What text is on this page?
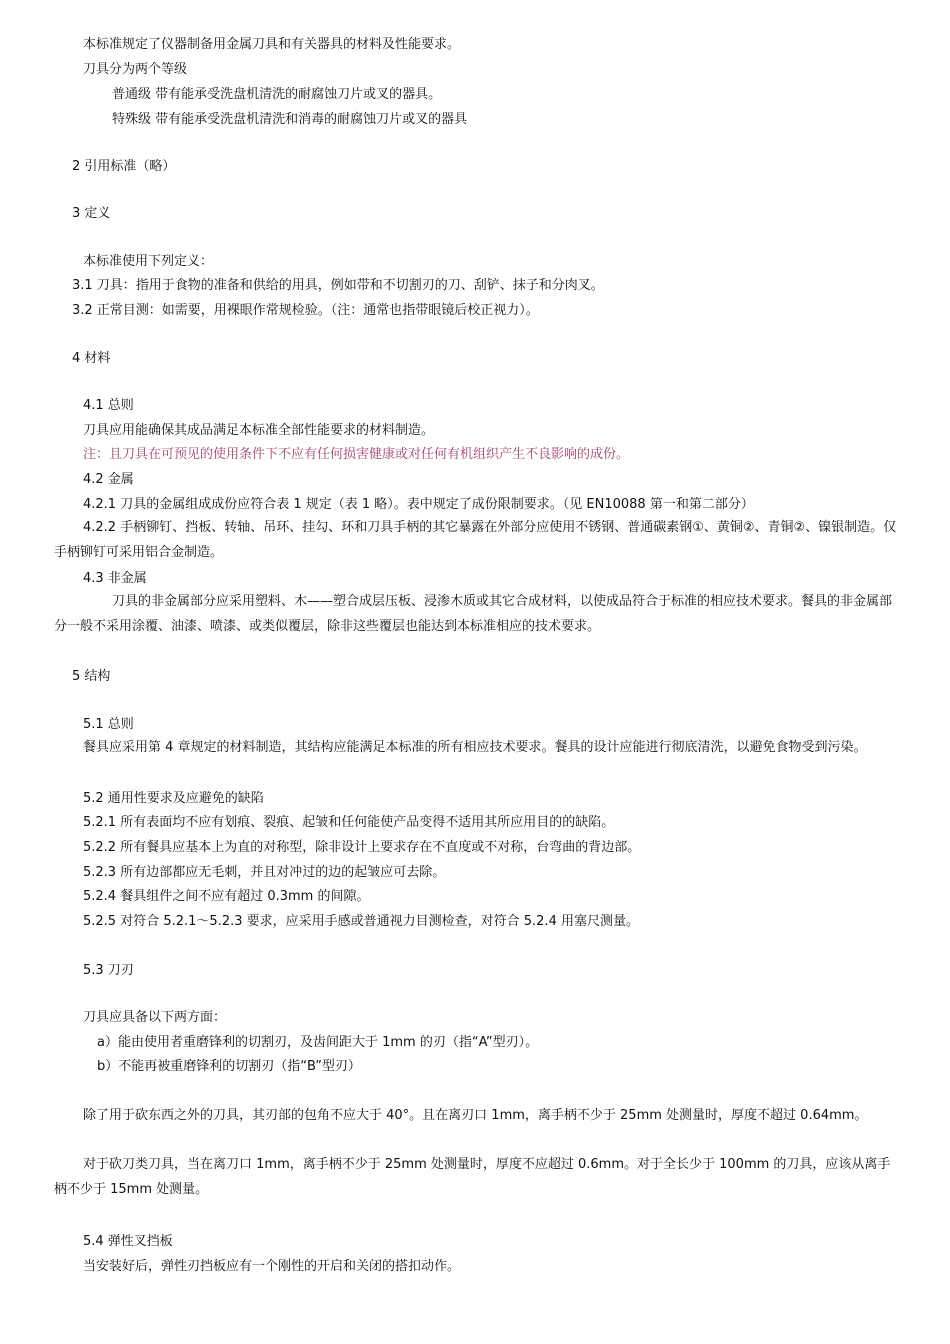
本标准规定了仪器制备用金属刀具和有关器具的材料及性能要求。
刀具分为两个等级
普通级 带有能承受洗盘机清洗的耐腐蚀刀片或叉的器具。
特殊级 带有能承受洗盘机清洗和消毒的耐腐蚀刀片或叉的器具
2 引用标准（略）
3 定义
本标准使用下列定义：
3.1 刀具：指用于食物的准备和供给的用具，例如带和不切割刃的刀、刮铲、抹子和分肉叉。
3.2 正常目测：如需要，用裸眼作常规检验。（注：通常也指带眼镜后校正视力）。
4 材料
4.1 总则
刀具应用能确保其成品满足本标准全部性能要求的材料制造。
注：且刀具在可预见的使用条件下不应有任何损害健康或对任何有机组织产生不良影响的成份。
4.2 金属
4.2.1 刀具的金属组成成份应符合表 1 规定（表 1 略）。表中规定了成份限制要求。（见 EN10088 第一和第二部分）
4.2.2 手柄铆钉、挡板、转轴、吊环、挂勾、环和刀具手柄的其它暴露在外部分应使用不锈钢、普通碳素钢①、黄铜②、青铜②、镍银制造。仅手柄铆钉可采用铝合金制造。
4.3 非金属
刀具的非金属部分应采用塑料、木——塑合成层压板、浸渗木质或其它合成材料，以使成品符合于标准的相应技术要求。餐具的非金属部分一般不采用涂覆、油漆、喷漆、或类似覆层，除非这些覆层也能达到本标准相应的技术要求。
5 结构
5.1 总则
餐具应采用第 4 章规定的材料制造，其结构应能满足本标准的所有相应技术要求。餐具的设计应能进行彻底清洗，以避免食物受到污染。
5.2 通用性要求及应避免的缺陷
5.2.1 所有表面均不应有划痕、裂痕、起皱和任何能使产品变得不适用其所应用目的的缺陷。
5.2.2 所有餐具应基本上为直的对称型，除非设计上要求存在不直度或不对称，台弯曲的背边部。
5.2.3 所有边部都应无毛刺，并且对冲过的边的起皱应可去除。
5.2.4 餐具组件之间不应有超过 0.3mm 的间隙。
5.2.5 对符合 5.2.1～5.2.3 要求，应采用手感或普通视力目测检查，对符合 5.2.4 用塞尺测量。
5.3 刀刃
刀具应具备以下两方面：
a）能由使用者重磨锋利的切割刃，及齿间距大于 1mm 的刃（指“A”型刃）。
b）不能再被重磨锋利的切割刃（指“B”型刃）
除了用于砍东西之外的刀具，其刃部的包角不应大于 40°。且在离刃口 1mm，离手柄不少于 25mm 处测量时，厚度不超过 0.64mm。
对于砍刀类刀具，当在离刀口 1mm，离手柄不少于 25mm 处测量时，厚度不应超过 0.6mm。对于全长少于 100mm 的刀具，应该从离手柄不少于 15mm 处测量。
5.4 弹性叉挡板
当安装好后，弹性刃挡板应有一个刚性的开启和关闭的搭扣动作。
